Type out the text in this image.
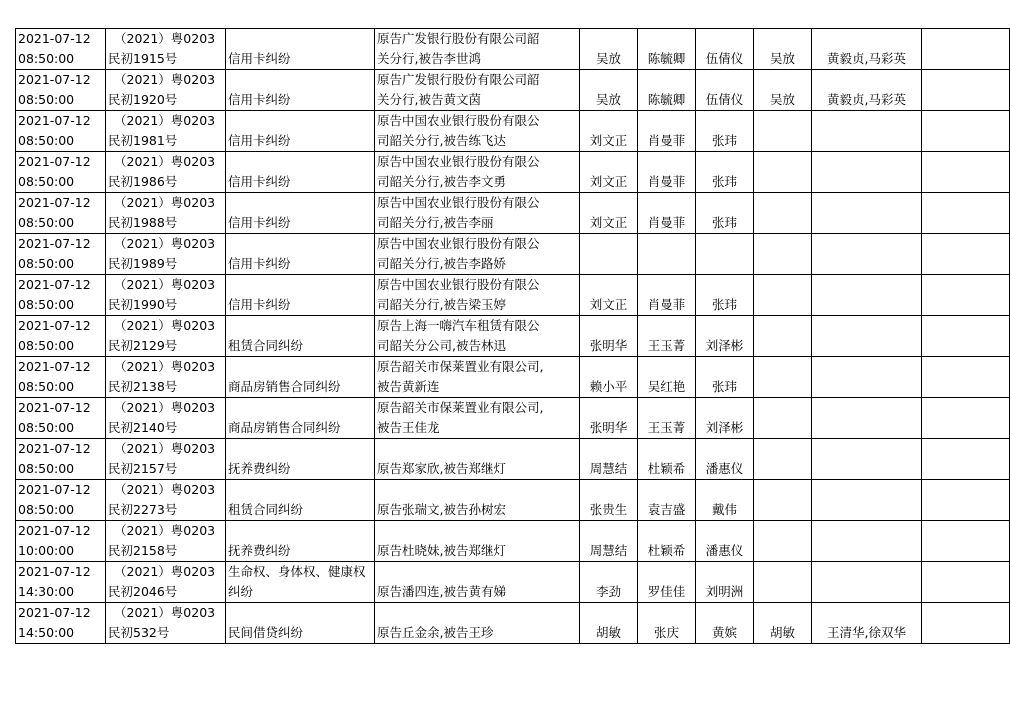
2021-07-12
08:50:00	（2021）粤0203
民初1915号	信用卡纠纷	原告广发银行股份有限公司韶
关分行,被告李世鸿	吴放	陈毓卿	伍倩仪	吴放	黄毅贞,马彩英	

2021-07-12
08:50:00	（2021）粤0203
民初1920号	信用卡纠纷	原告广发银行股份有限公司韶
关分行,被告黄文茵	吴放	陈毓卿	伍倩仪	吴放	黄毅贞,马彩英	

2021-07-12
08:50:00	（2021）粤0203
民初1981号	信用卡纠纷	原告中国农业银行股份有限公
司韶关分行,被告练飞达	刘文正	肖曼菲	张玮			

2021-07-12
08:50:00	（2021）粤0203
民初1986号	信用卡纠纷	原告中国农业银行股份有限公
司韶关分行,被告李文勇	刘文正	肖曼菲	张玮			

2021-07-12
08:50:00	（2021）粤0203
民初1988号	信用卡纠纷	原告中国农业银行股份有限公
司韶关分行,被告李丽	刘文正	肖曼菲	张玮			

2021-07-12
08:50:00	（2021）粤0203
民初1989号	信用卡纠纷	原告中国农业银行股份有限公
司韶关分行,被告李路娇						

2021-07-12
08:50:00	（2021）粤0203
民初1990号	信用卡纠纷	原告中国农业银行股份有限公
司韶关分行,被告梁玉婷	刘文正	肖曼菲	张玮			

2021-07-12
08:50:00	（2021）粤0203
民初2129号	租赁合同纠纷	原告上海一嗨汽车租赁有限公
司韶关分公司,被告林迅	张明华	王玉菁	刘泽彬			

2021-07-12
08:50:00	（2021）粤0203
民初2138号	商品房销售合同纠纷	原告韶关市保莱置业有限公司,
被告黄新连	赖小平	吴红艳	张玮			

2021-07-12
08:50:00	（2021）粤0203
民初2140号	商品房销售合同纠纷	原告韶关市保莱置业有限公司,
被告王佳龙	张明华	王玉菁	刘泽彬			

2021-07-12
08:50:00	（2021）粤0203
民初2157号	抚养费纠纷	原告郑家欣,被告郑继灯	周慧结	杜颖希	潘惠仪			

2021-07-12
08:50:00	（2021）粤0203
民初2273号	租赁合同纠纷	原告张瑞文,被告孙树宏	张贵生	袁吉盛	戴伟			

2021-07-12
10:00:00	（2021）粤0203
民初2158号	抚养费纠纷	原告杜晓妹,被告郑继灯	周慧结	杜颖希	潘惠仪			

2021-07-12
14:30:00	（2021）粤0203
民初2046号	生命权、身体权、健康权纠纷	原告潘四连,被告黄有娣	李劲	罗佳佳	刘明洲			

2021-07-12
14:50:00	（2021）粤0203
民初532号	民间借贷纠纷	原告丘金余,被告王珍	胡敏	张庆	黄嫔	胡敏	王清华,徐双华	
